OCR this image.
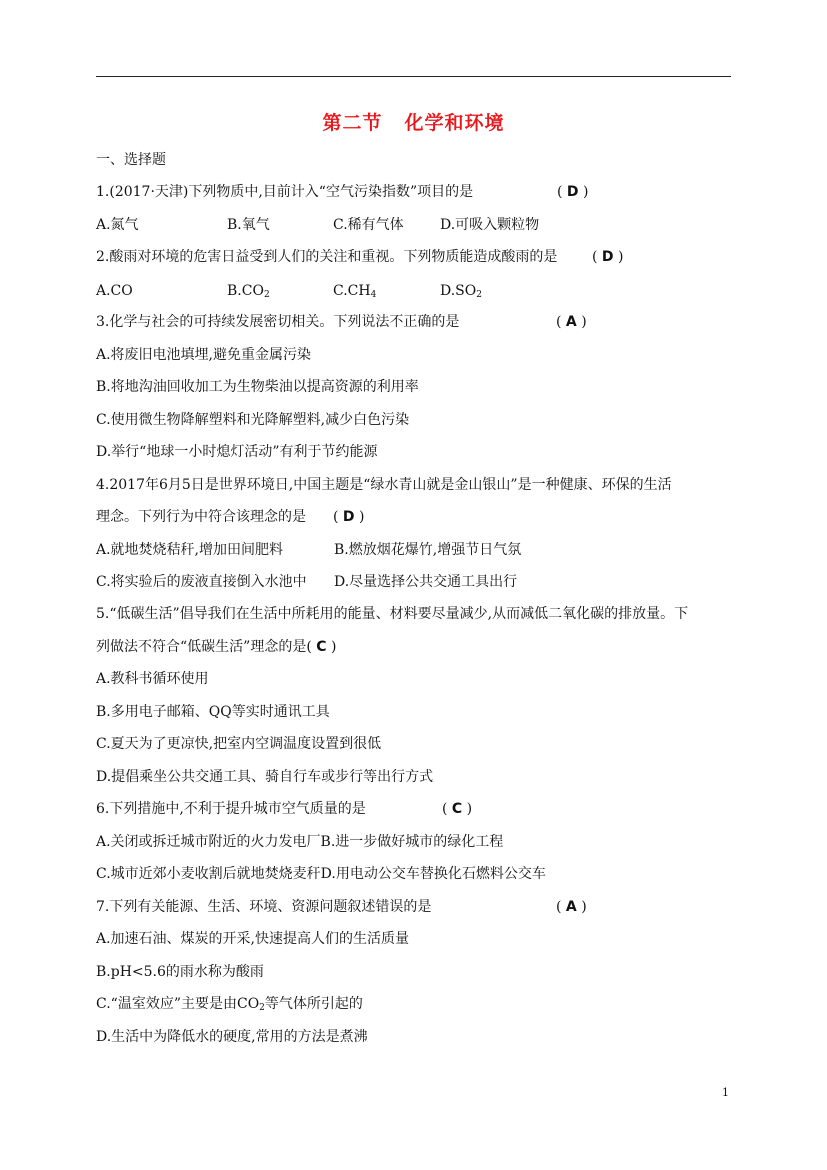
第二节 化学和环境
一、选择题
1.(2017·天津)下列物质中,目前计入“空气污染指数”项目的是	( D )
A.氮气	B.氧气	C.稀有气体	D.可吸入颗粒物
2.酸雨对环境的危害日益受到人们的关注和重视。下列物质能造成酸雨的是 ( D )
A.CO	$B.CO_2$	$C.CH_4$	$D.SO_2$
3.化学与社会的可持续发展密切相关。下列说法不正确的是	( A )
A.将废旧电池填埋,避免重金属污染
B.将地沟油回收加工为生物柴油以提高资源的利用率
C.使用微生物降解塑料和光降解塑料,减少白色污染
D.举行“地球一小时熄灯活动”有利于节约能源
4.2017年6月5日是世界环境日,中国主题是“绿水青山就是金山银山”是一种健康、环保的生活
理念。下列行为中符合该理念的是 ( D )
A.就地焚烧秸秆,增加田间肥料	B.燃放烟花爆竹,增强节日气氛
C.将实验后的废液直接倒入水池中 D.尽量选择公共交通工具出行
5.“低碳生活”倡导我们在生活中所耗用的能量、材料要尽量减少,从而减低二氧化碳的排放量。下
列做法不符合“低碳生活”理念的是( C )
A.教科书循环使用
B.多用电子邮箱、QQ等实时通讯工具
C.夏天为了更凉快,把室内空调温度设置到很低
D.提倡乘坐公共交通工具、骑自行车或步行等出行方式
6.下列措施中,不利于提升城市空气质量的是	( C )
A.关闭或拆迁城市附近的火力发电厂B.进一步做好城市的绿化工程
C.城市近郊小麦收割后就地焚烧麦秆D.用电动公交车替换化石燃料公交车
7.下列有关能源、生活、环境、资源问题叙述错误的是	( A )
A.加速石油、煤炭的开采,快速提高人们的生活质量
B.pH<5.6的雨水称为酸雨
C.“温室效应”主要是由$CO_2$等气体所引起的
D.生活中为降低水的硬度,常用的方法是煮沸
1
